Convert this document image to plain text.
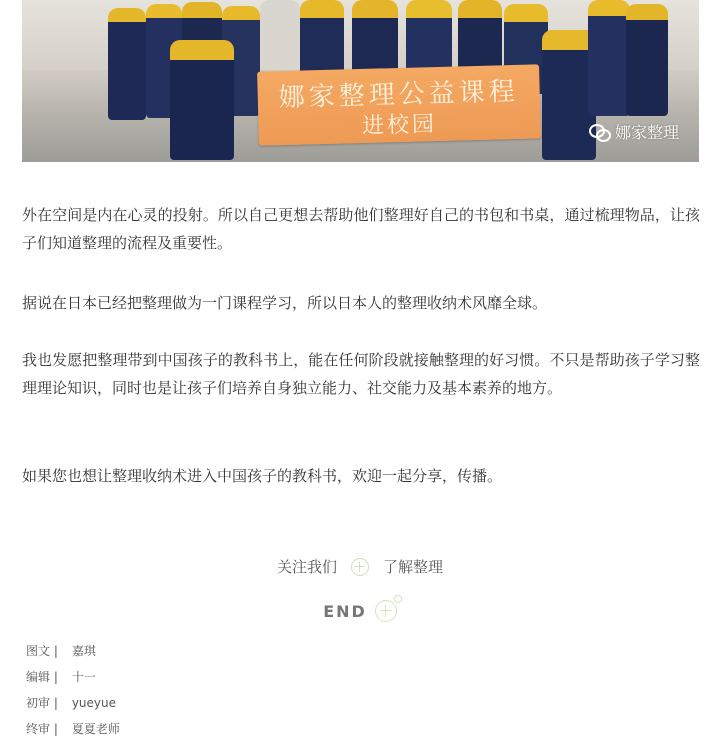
娜家整理公益课程
进校园	娜家整理

外在空间是内在心灵的投射。所以自己更想去帮助他们整理好自己的书包和书桌，通过梳理物品，让孩子们知道整理的流程及重要性。

据说在日本已经把整理做为一门课程学习，所以日本人的整理收纳术风靡全球。

我也发愿把整理带到中国孩子的教科书上，能在任何阶段就接触整理的好习惯。不只是帮助孩子学习整理理论知识，同时也是让孩子们培养自身独立能力、社交能力及基本素养的地方。

如果您也想让整理收纳术进入中国孩子的教科书，欢迎一起分享，传播。

关注我们	了解整理
END
图文 | 嘉琪
编辑 | 十一
初审 | yueyue
终审 | 夏夏老师
